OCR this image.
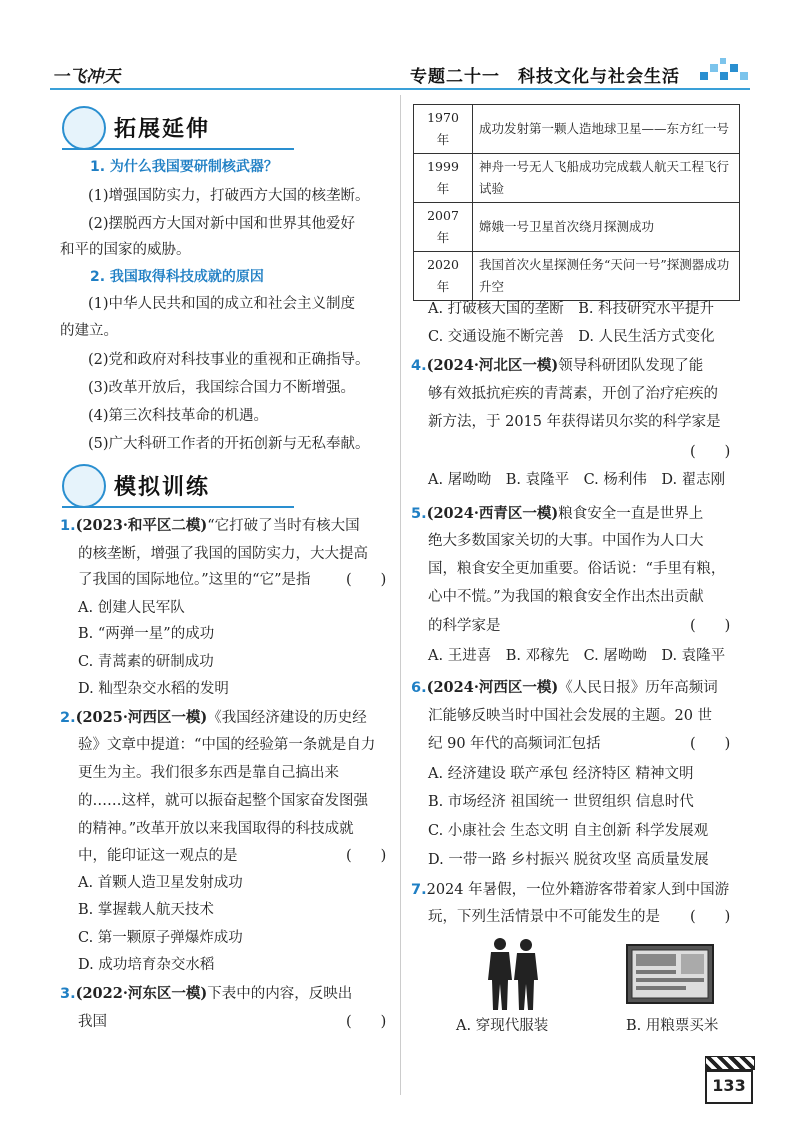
一飞冲天	专题二十一　科技文化与社会生活
拓展延伸
1. 为什么我国要研制核武器？
(1)增强国防实力，打破西方大国的核垄断。
(2)摆脱西方大国对新中国和世界其他爱好
和平的国家的威胁。
2. 我国取得科技成就的原因
(1)中华人民共和国的成立和社会主义制度
的建立。
(2)党和政府对科技事业的重视和正确指导。
(3)改革开放后，我国综合国力不断增强。
(4)第三次科技革命的机遇。
(5)广大科研工作者的开拓创新与无私奉献。
模拟训练
1.(2023·和平区二模)“它打破了当时有核大国
的核垄断，增强了我国的国防实力，大大提高
了我国的国际地位。”这里的“它”是指 (　　)
A. 创建人民军队
B. “两弹一星”的成功
C. 青蒿素的研制成功
D. 籼型杂交水稻的发明
2.(2025·河西区一模)《我国经济建设的历史经
验》文章中提道：“中国的经验第一条就是自力
更生为主。我们很多东西是靠自己搞出来
的……这样，就可以振奋起整个国家奋发图强
的精神。”改革开放以来我国取得的科技成就
中，能印证这一观点的是	(　　)
A. 首颗人造卫星发射成功
B. 掌握载人航天技术
C. 第一颗原子弹爆炸成功
D. 成功培育杂交水稻
3.(2022·河东区一模)下表中的内容，反映出
我国	(　　)
1970 年	成功发射第一颗人造地球卫星——东方红一号
1999 年	神舟一号无人飞船成功完成载人航天工程飞行试验
2007 年	嫦娥一号卫星首次绕月探测成功
2020 年	我国首次火星探测任务“天问一号”探测器成功升空
A. 打破核大国的垄断　B. 科技研究水平提升
C. 交通设施不断完善　D. 人民生活方式变化
4.(2024·河北区一模)领导科研团队发现了能
够有效抵抗疟疾的青蒿素，开创了治疗疟疾的
新方法，于 2015 年获得诺贝尔奖的科学家是
(　　)
A. 屠呦呦　B. 袁隆平　C. 杨利伟　D. 翟志刚
5.(2024·西青区一模)粮食安全一直是世界上
绝大多数国家关切的大事。中国作为人口大
国，粮食安全更加重要。俗话说：“手里有粮，
心中不慌。”为我国的粮食安全作出杰出贡献
的科学家是	(　　)
A. 王进喜　B. 邓稼先　C. 屠呦呦　D. 袁隆平
6.(2024·河西区一模)《人民日报》历年高频词
汇能够反映当时中国社会发展的主题。20 世
纪 90 年代的高频词汇包括	(　　)
A. 经济建设 联产承包 经济特区 精神文明
B. 市场经济 祖国统一 世贸组织 信息时代
C. 小康社会 生态文明 自主创新 科学发展观
D. 一带一路 乡村振兴 脱贫攻坚 高质量发展
7.2024 年暑假，一位外籍游客带着家人到中国游
玩，下列生活情景中不可能发生的是 (　　)
A. 穿现代服装	B. 用粮票买米
133
